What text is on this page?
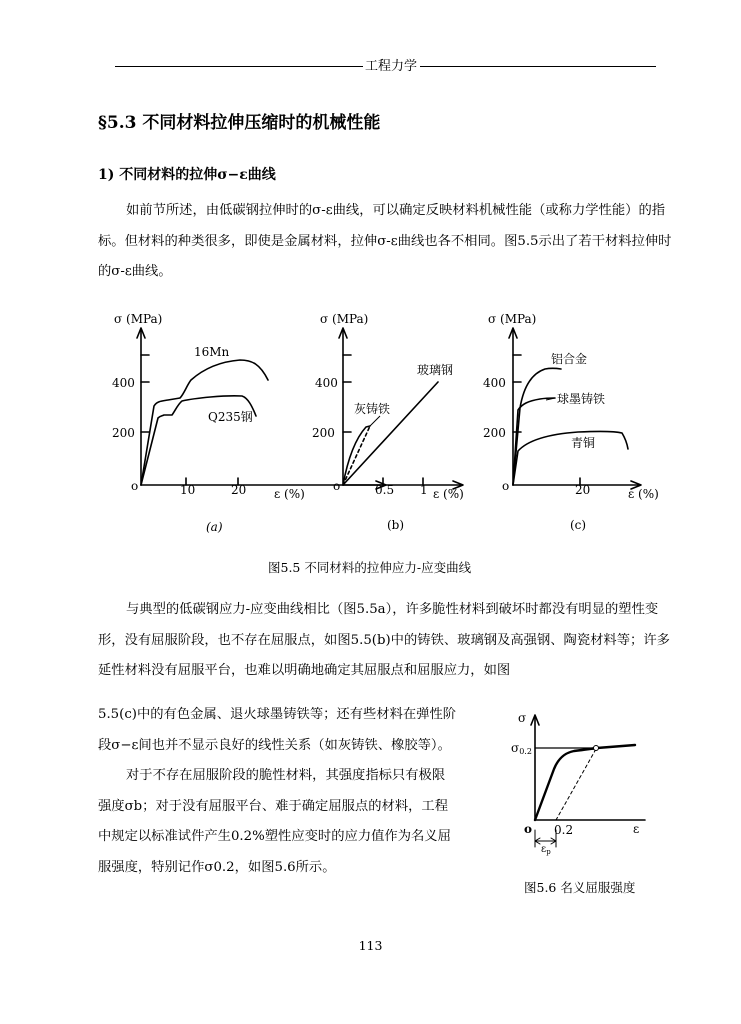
工程力学
§5.3 不同材料拉伸压缩时的机械性能
1) 不同材料的拉伸σ−ε曲线

如前节所述，由低碳钢拉伸时的σ-ε曲线，可以确定反映材料机械性能（或称力学性能）的指标。但材料的种类很多，即使是金属材料，拉伸σ-ε曲线也各不相同。图5.5示出了若干材料拉伸时的σ-ε曲线。

σ (MPa)
400
200
o	10	20 ε (%)
16Mn
Q235钢
(a)
σ (MPa)
400
200
o	0.5 1 ε (%)
玻璃钢
灰铸铁
(b)
σ (MPa)
400
200
o	20	ε (%)
铝合金
球墨铸铁
青铜
(c)
图5.5 不同材料的拉伸应力-应变曲线

与典型的低碳钢应力-应变曲线相比（图5.5a），许多脆性材料到破坏时都没有明显的塑性变形，没有屈服阶段，也不存在屈服点，如图5.5(b)中的铸铁、玻璃钢及高强钢、陶瓷材料等；许多延性材料没有屈服平台，也难以明确地确定其屈服点和屈服应力，如图

5.5(c)中的有色金属、退火球墨铸铁等；还有些材料在弹性阶
段σ−ε间也并不显示良好的线性关系（如灰铸铁、橡胶等）。
对于不存在屈服阶段的脆性材料，其强度指标只有极限
强度σb；对于没有屈服平台、难于确定屈服点的材料，工程
中规定以标准试件产生0.2%塑性应变时的应力值作为名义屈
服强度，特别记作σ0.2，如图5.6所示。
σ
σ0.2
o 0.2	ε
$\varepsilon_p$
图5.6 名义屈服强度
113
